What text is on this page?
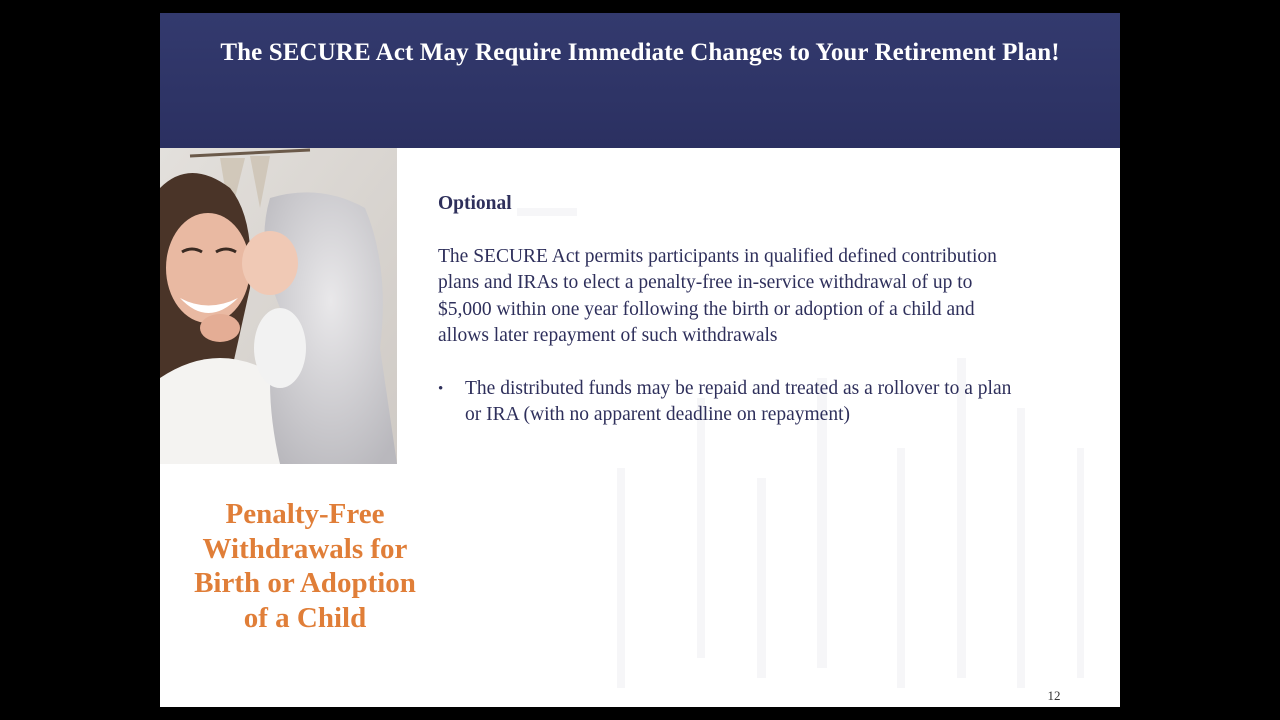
The SECURE Act May Require Immediate Changes to Your Retirement Plan!
Penalty-Free Withdrawals for Birth or Adoption of a Child

Optional

The SECURE Act permits participants in qualified defined contribution plans and IRAs to elect a penalty-free in-service withdrawal of up to $5,000 within one year following the birth or adoption of a child and allows later repayment of such withdrawals

• The distributed funds may be repaid and treated as a rollover to a plan or IRA (with no apparent deadline on repayment)
12
